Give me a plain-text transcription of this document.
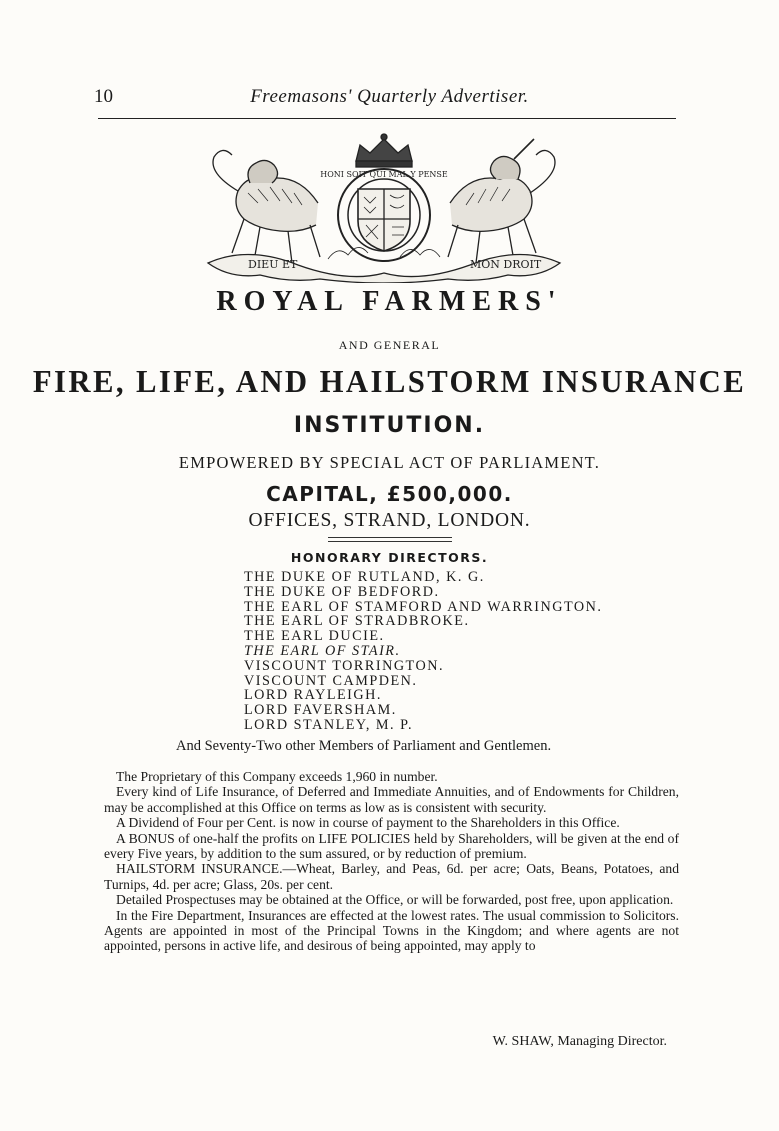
10	Freemasons' Quarterly Advertiser.
HONI SOIT QUI MAL Y PENSE
DIEU ET	MON DROIT
ROYAL FARMERS'
AND GENERAL
FIRE, LIFE, AND HAILSTORM INSURANCE
INSTITUTION.
EMPOWERED BY SPECIAL ACT OF PARLIAMENT.
CAPITAL, £500,000.
OFFICES, STRAND, LONDON.
HONORARY DIRECTORS.
THE DUKE OF RUTLAND, K. G.
THE DUKE OF BEDFORD.
THE EARL OF STAMFORD AND WARRINGTON.
THE EARL OF STRADBROKE.
THE EARL DUCIE.
THE EARL OF STAIR.
VISCOUNT TORRINGTON.
VISCOUNT CAMPDEN.
LORD RAYLEIGH.
LORD FAVERSHAM.
LORD STANLEY, M. P.
And Seventy-Two other Members of Parliament and Gentlemen.

The Proprietary of this Company exceeds 1,960 in number.

Every kind of Life Insurance, of Deferred and Immediate Annuities, and of Endowments for Children, may be accomplished at this Office on terms as low as is consistent with security.

A Dividend of Four per Cent. is now in course of payment to the Shareholders in this Office.

A BONUS of one-half the profits on LIFE POLICIES held by Shareholders, will be given at the end of every Five years, by addition to the sum assured, or by reduction of premium.

HAILSTORM INSURANCE.—Wheat, Barley, and Peas, 6d. per acre; Oats, Beans, Potatoes, and Turnips, 4d. per acre; Glass, 20s. per cent.

Detailed Prospectuses may be obtained at the Office, or will be forwarded, post free, upon application.

In the Fire Department, Insurances are effected at the lowest rates. The usual commission to Solicitors. Agents are appointed in most of the Principal Towns in the Kingdom; and where agents are not appointed, persons in active life, and desirous of being appointed, may apply to

W. SHAW, Managing Director.
